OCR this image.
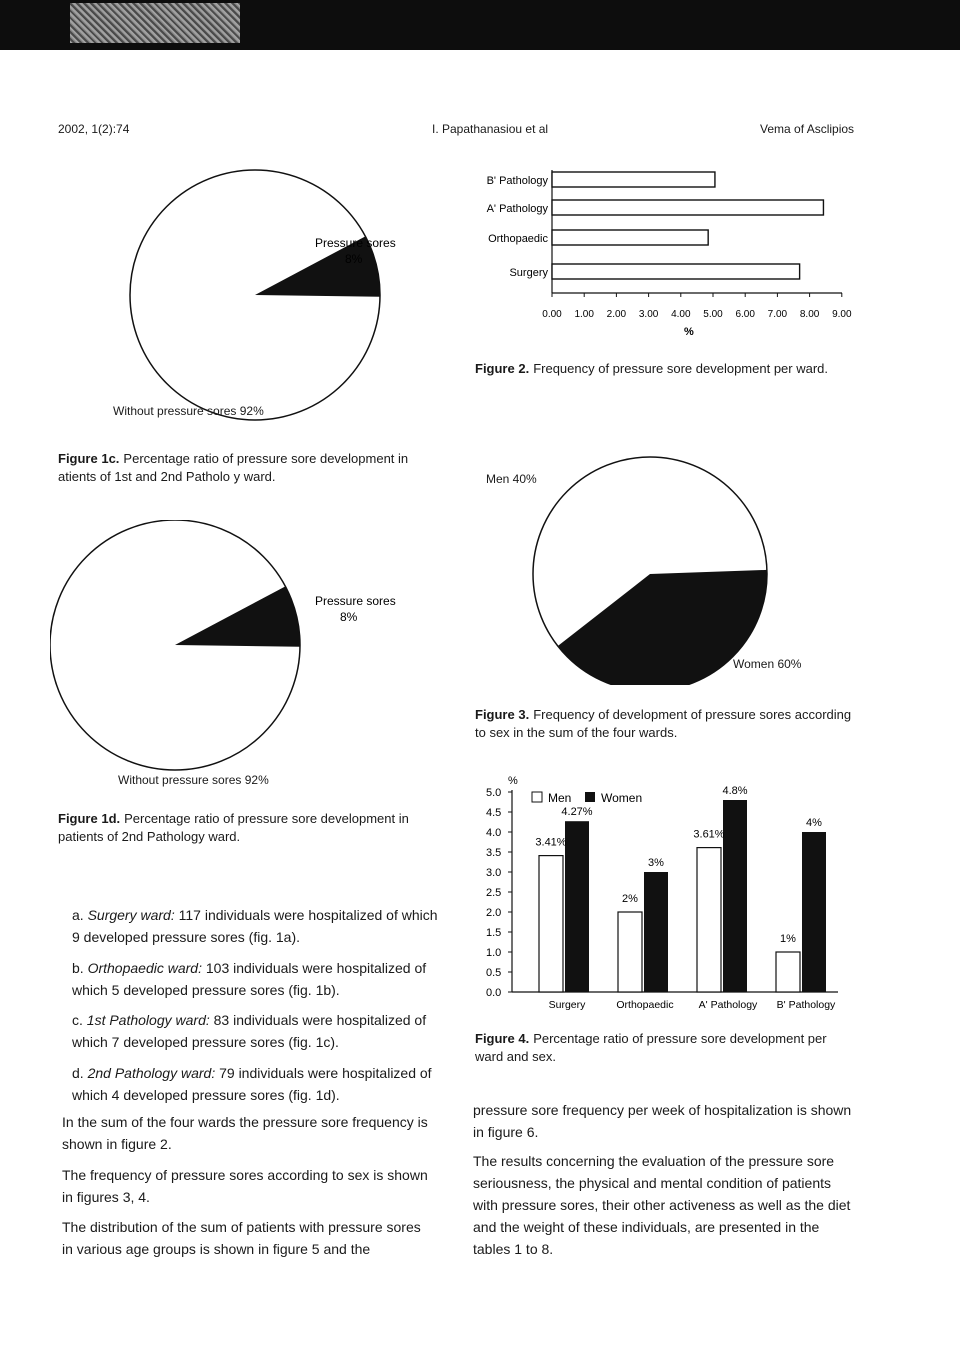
2002, 1(2):74	I. Papathanasiou et al	Vema of Asclipios
Pressure sores
8%
Without pressure sores 92%
Figure 1c. Percentage ratio of pressure sore development in atients of 1st and 2nd Patholo y ward.
B' Pathology
A' Pathology
Orthopaedic
Surgery
0.00 1.00 2.00 3.00 4.00 5.00 6.00 7.00 8.00 9.00
%
Figure 2. Frequency of pressure sore development per ward.
Men 40%
Women 60%
Figure 3. Frequency of development of pressure sores according to sex in the sum of the four wards.
Pressure sores
8%
Without pressure sores 92%
Figure 1d. Percentage ratio of pressure sore development in patients of 2nd Pathology ward.
%
Men Women
0.0
0.5
1.0
1.5
2.0
2.5
3.0
3.5
4.0
4.5
5.0
3.41%
4.27%
Surgery
2%
3%
Orthopaedic
3.61%
4.8%
A' Pathology
1%
4%
B' Pathology
Figure 4. Percentage ratio of pressure sore development per ward and sex.
a. Surgery ward: 117 individuals were hospitalized of which 9 developed pressure sores (fig. 1a).
b. Orthopaedic ward: 103 individuals were hospitalized of which 5 developed pressure sores (fig. 1b).
c. 1st Pathology ward: 83 individuals were hospitalized of which 7 developed pressure sores (fig. 1c).
d. 2nd Pathology ward: 79 individuals were hospitalized of which 4 developed pressure sores (fig. 1d).
In the sum of the four wards the pressure sore frequency is shown in figure 2.
The frequency of pressure sores according to sex is shown in figures 3, 4.
The distribution of the sum of patients with pressure sores in various age groups is shown in figure 5 and the
pressure sore frequency per week of hospitalization is shown in figure 6.
The results concerning the evaluation of the pressure sore seriousness, the physical and mental condition of patients with pressure sores, their other activeness as well as the diet and the weight of these individuals, are presented in the tables 1 to 8.
